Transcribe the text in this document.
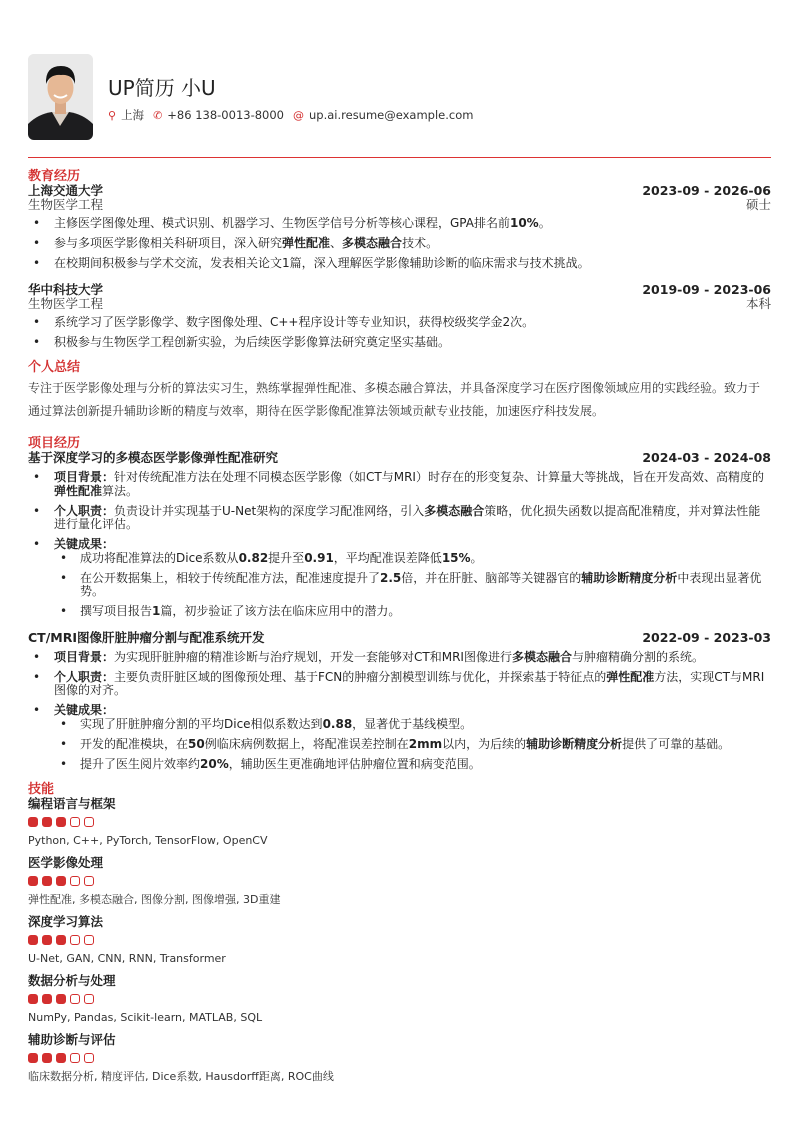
UP简历 小U
⚲ 上海 ✆ +86 138-0013-8000 @ up.ai.resume@example.com
教育经历
上海交通大学	2023-09 - 2026-06
生物医学工程	硕士
• 主修医学图像处理、模式识别、机器学习、生物医学信号分析等核心课程，GPA排名前10%。
• 参与多项医学影像相关科研项目，深入研究弹性配准、多模态融合技术。
• 在校期间积极参与学术交流，发表相关论文1篇，深入理解医学影像辅助诊断的临床需求与技术挑战。
华中科技大学	2019-09 - 2023-06
生物医学工程	本科
• 系统学习了医学影像学、数字图像处理、C++程序设计等专业知识，获得校级奖学金2次。
• 积极参与生物医学工程创新实验，为后续医学影像算法研究奠定坚实基础。
个人总结
专注于医学影像处理与分析的算法实习生，熟练掌握弹性配准、多模态融合算法，并具备深度学习在医疗图像领域应用的实践经验。致力于通过算法创新提升辅助诊断的精度与效率，期待在医学影像配准算法领域贡献专业技能，加速医疗科技发展。
项目经历
基于深度学习的多模态医学影像弹性配准研究	2024-03 - 2024-08
• 项目背景：针对传统配准方法在处理不同模态医学影像（如CT与MRI）时存在的形变复杂、计算量大等挑战，旨在开发高效、高精度的弹性配准算法。
• 个人职责：负责设计并实现基于U-Net架构的深度学习配准网络，引入多模态融合策略，优化损失函数以提高配准精度，并对算法性能进行量化评估。
• 关键成果：
• 成功将配准算法的Dice系数从0.82提升至0.91，平均配准误差降低15%。
• 在公开数据集上，相较于传统配准方法，配准速度提升了2.5倍，并在肝脏、脑部等关键器官的辅助诊断精度分析中表现出显著优势。
• 撰写项目报告1篇，初步验证了该方法在临床应用中的潜力。
CT/MRI图像肝脏肿瘤分割与配准系统开发	2022-09 - 2023-03
• 项目背景：为实现肝脏肿瘤的精准诊断与治疗规划，开发一套能够对CT和MRI图像进行多模态融合与肿瘤精确分割的系统。
• 个人职责：主要负责肝脏区域的图像预处理、基于FCN的肿瘤分割模型训练与优化，并探索基于特征点的弹性配准方法，实现CT与MRI图像的对齐。
• 关键成果：
• 实现了肝脏肿瘤分割的平均Dice相似系数达到0.88，显著优于基线模型。
• 开发的配准模块，在50例临床病例数据上，将配准误差控制在2mm以内，为后续的辅助诊断精度分析提供了可靠的基础。
• 提升了医生阅片效率约20%，辅助医生更准确地评估肿瘤位置和病变范围。
技能
编程语言与框架
Python, C++, PyTorch, TensorFlow, OpenCV
医学影像处理
弹性配准, 多模态融合, 图像分割, 图像增强, 3D重建
深度学习算法
U-Net, GAN, CNN, RNN, Transformer
数据分析与处理
NumPy, Pandas, Scikit-learn, MATLAB, SQL
辅助诊断与评估
临床数据分析, 精度评估, Dice系数, Hausdorff距离, ROC曲线
